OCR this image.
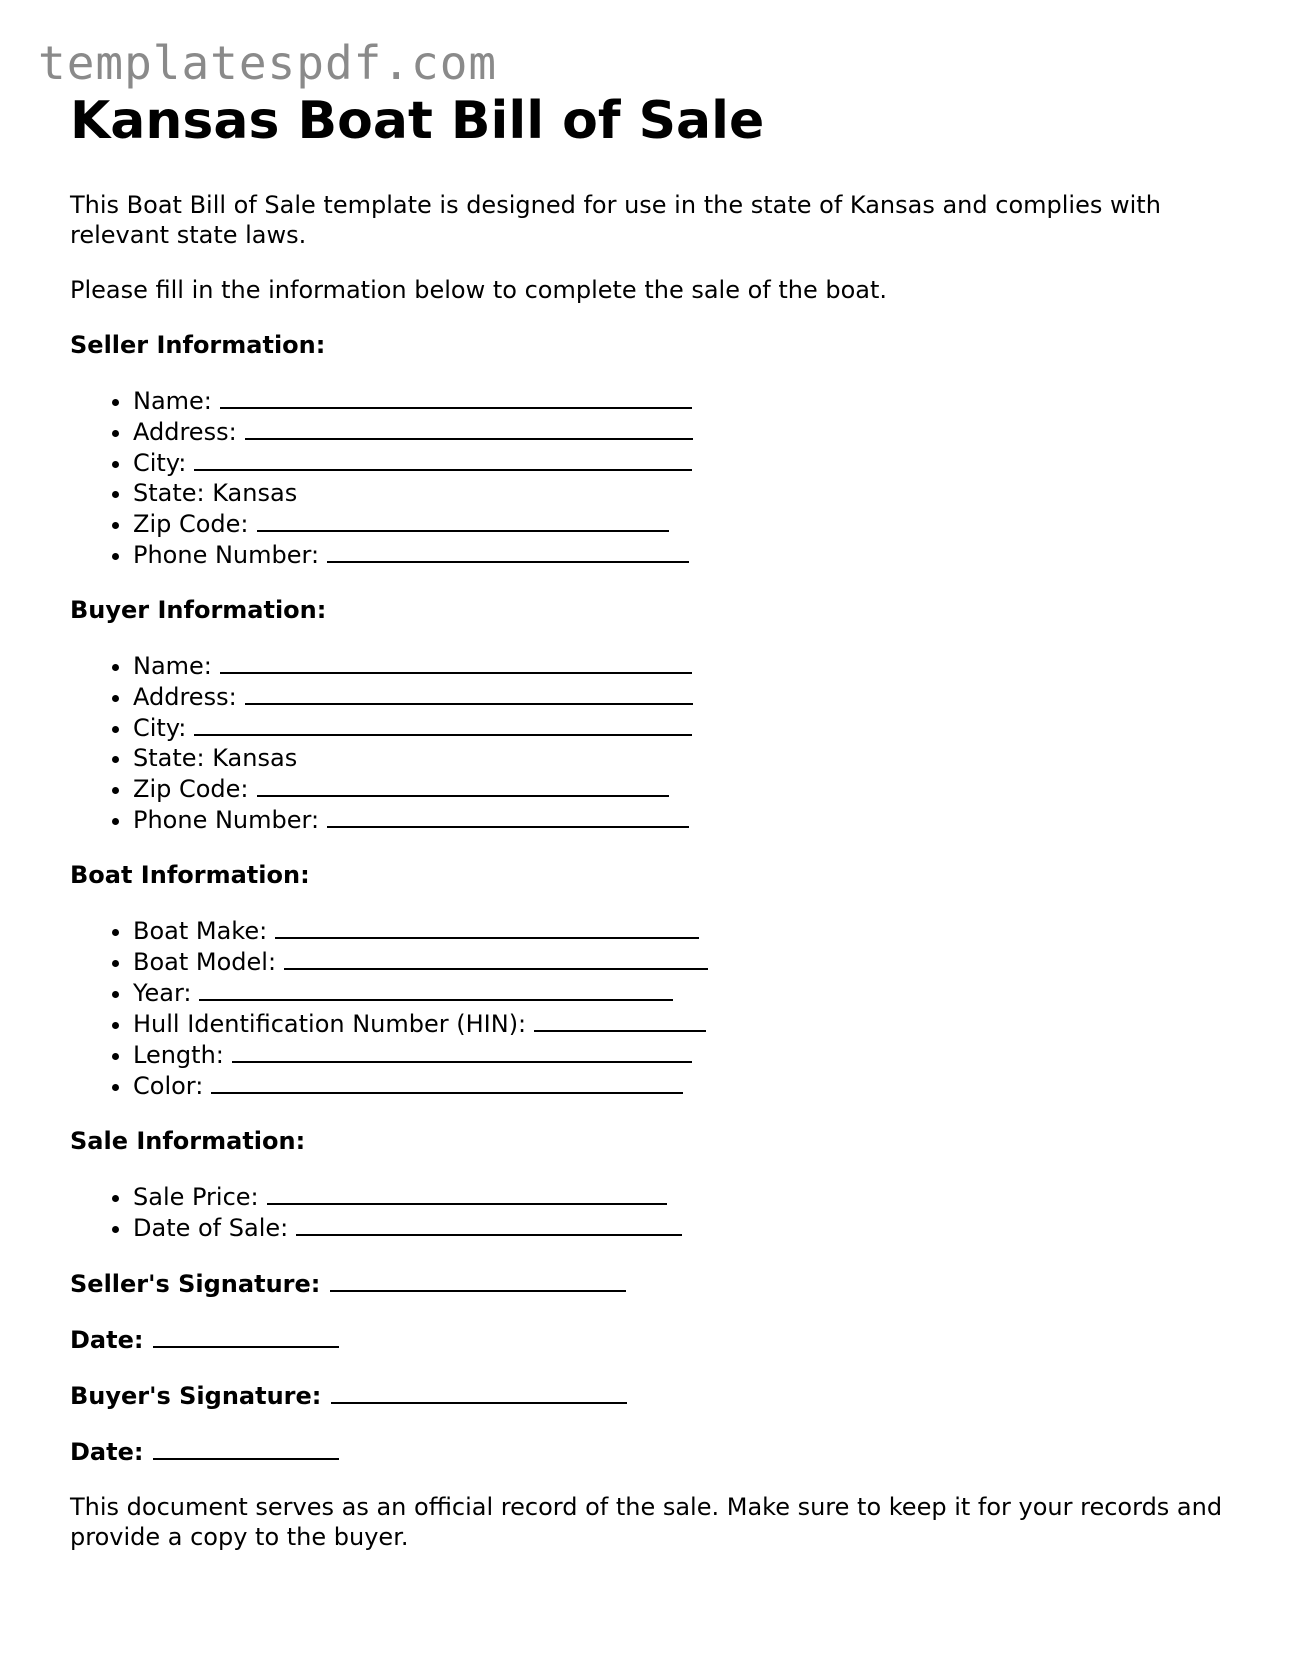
templatespdf.com
Kansas Boat Bill of Sale

This Boat Bill of Sale template is designed for use in the state of Kansas and complies with relevant state laws.

Please fill in the information below to complete the sale of the boat.

Seller Information:
• Name:
• Address:
• City:
• State: Kansas
• Zip Code:
• Phone Number:
Buyer Information:
• Name:
• Address:
• City:
• State: Kansas
• Zip Code:
• Phone Number:
Boat Information:
• Boat Make:
• Boat Model:
• Year:
• Hull Identification Number (HIN):
• Length:
• Color:
Sale Information:
• Sale Price:
• Date of Sale:
Seller's Signature:
Date:
Buyer's Signature:
Date:

This document serves as an official record of the sale. Make sure to keep it for your records and provide a copy to the buyer.
